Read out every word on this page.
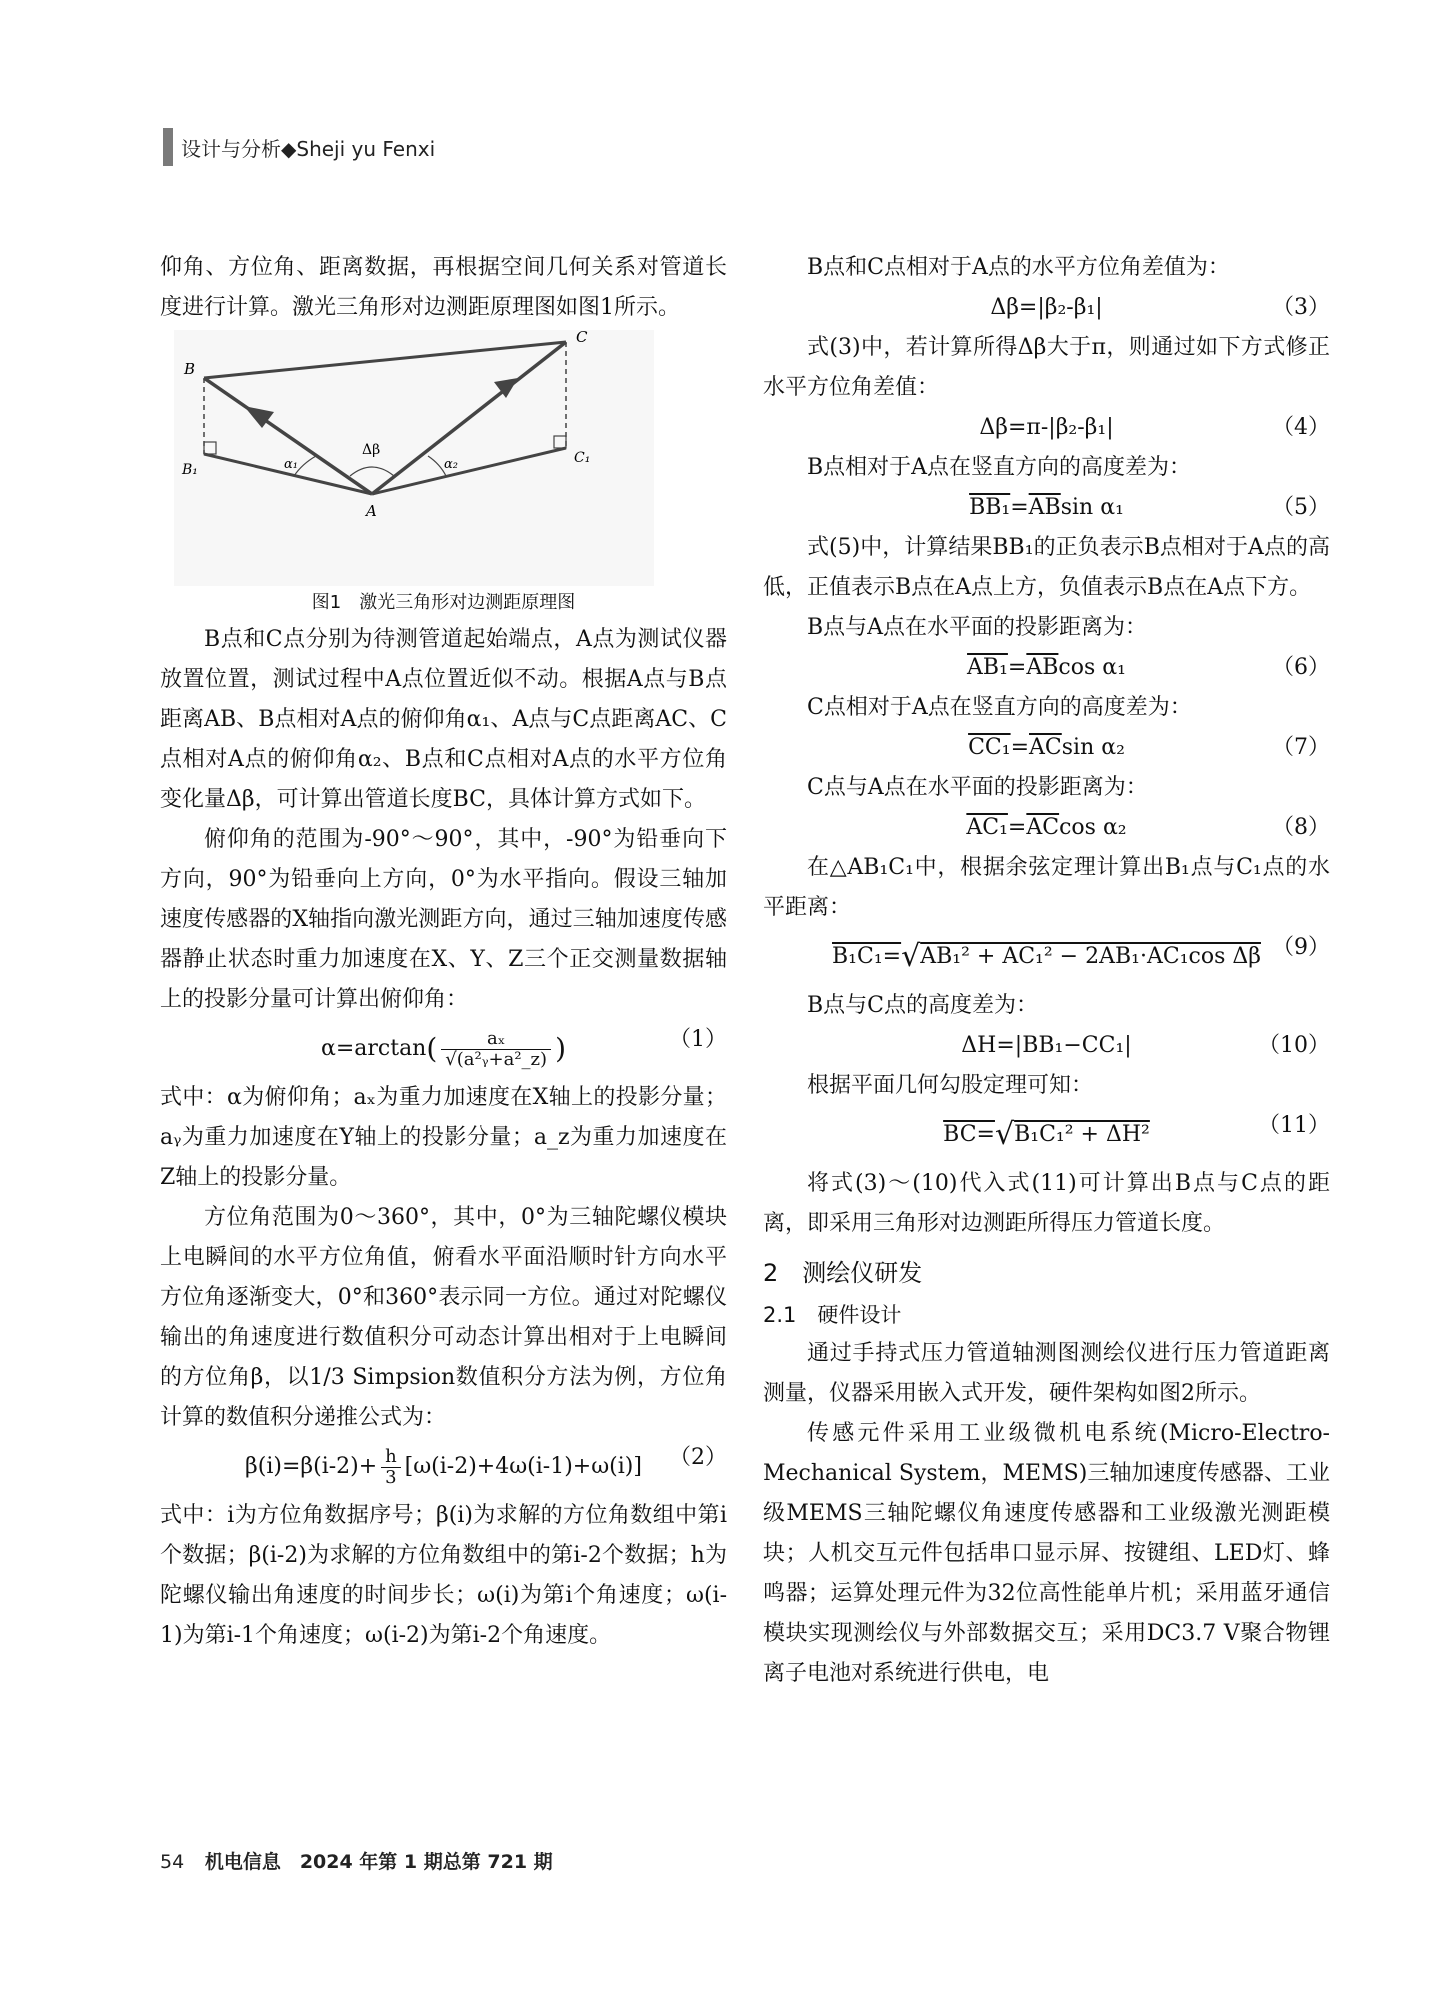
设计与分析◆Sheji yu Fenxi

仰角、方位角、距离数据，再根据空间几何关系对管道长度进行计算。激光三角形对边测距原理图如图1所示。

B
C
B₁
C₁
A
α₁	α₂
Δβ
图1　激光三角形对边测距原理图

B点和C点分别为待测管道起始端点，A点为测试仪器放置位置，测试过程中A点位置近似不动。根据A点与B点距离AB、B点相对A点的俯仰角α₁、A点与C点距离AC、C点相对A点的俯仰角α₂、B点和C点相对A点的水平方位角变化量Δβ，可计算出管道长度BC，具体计算方式如下。

俯仰角的范围为-90°～90°，其中，-90°为铅垂向下方向，90°为铅垂向上方向，0°为水平指向。假设三轴加速度传感器的X轴指向激光测距方向，通过三轴加速度传感器静止状态时重力加速度在X、Y、Z三个正交测量数据轴上的投影分量可计算出俯仰角：

α=arctan ( $\frac{\text{aₓ}}{\text{√(a²ᵧ+a²\_z)}}$ )	（1）

式中：α为俯仰角；aₓ为重力加速度在X轴上的投影分量；aᵧ为重力加速度在Y轴上的投影分量；a_z为重力加速度在Z轴上的投影分量。

方位角范围为0～360°，其中，0°为三轴陀螺仪模块上电瞬间的水平方位角值，俯看水平面沿顺时针方向水平方位角逐渐变大，0°和360°表示同一方位。通过对陀螺仪输出的角速度进行数值积分可动态计算出相对于上电瞬间的方位角β，以1/3 Simpsion数值积分方法为例，方位角计算的数值积分递推公式为：

$\beta(i)=\beta(i-2)+ \frac{h}{3} [\omega(i-2)+4\omega(i-1)+\omega(i)]$ （2）

式中：i为方位角数据序号；β(i)为求解的方位角数组中第i个数据；β(i-2)为求解的方位角数组中的第i-2个数据；h为陀螺仪输出角速度的时间步长；ω(i)为第i个角速度；ω(i-1)为第i-1个角速度；ω(i-2)为第i-2个角速度。

B点和C点相对于A点的水平方位角差值为：

Δβ=|β₂-β₁|	（3）

式(3)中，若计算所得Δβ大于π，则通过如下方式修正水平方位角差值：

Δβ=π-|β₂-β₁|	（4）

B点相对于A点在竖直方向的高度差为：

$BB_1 = \overline{AB}$ sin α₁	（5）

式(5)中，计算结果BB₁的正负表示B点相对于A点的高低，正值表示B点在A点上方，负值表示B点在A点下方。

B点与A点在水平面的投影距离为：

$AB_1 = \overline{AB}$ cos α₁	（6）

C点相对于A点在竖直方向的高度差为：

$CC_1 = \overline{AC}$ sin α₂	（7）

C点与A点在水平面的投影距离为：

$AC_1 = \overline{AC}$ cos α₂	（8）

在△AB₁C₁中，根据余弦定理计算出B₁点与C₁点的水平距离：

B₁C₁= √ AB₁² + AC₁² − 2AB₁·AC₁cos Δβ （9）

B点与C点的高度差为：

ΔH=|BB₁−CC₁|	（10）

根据平面几何勾股定理可知：

BC= √ B₁C₁² + ΔH²	（11）

将式(3)～(10)代入式(11)可计算出B点与C点的距离，即采用三角形对边测距所得压力管道长度。

2　测绘仪研发
2.1　硬件设计

通过手持式压力管道轴测图测绘仪进行压力管道距离测量，仪器采用嵌入式开发，硬件架构如图2所示。

传感元件采用工业级微机电系统(Micro-Electro-Mechanical System，MEMS)三轴加速度传感器、工业级MEMS三轴陀螺仪角速度传感器和工业级激光测距模块；人机交互元件包括串口显示屏、按键组、LED灯、蜂鸣器；运算处理元件为32位高性能单片机；采用蓝牙通信模块实现测绘仪与外部数据交互；采用DC3.7 V聚合物锂离子电池对系统进行供电，电

54 机电信息　2024 年第 1 期总第 721 期
